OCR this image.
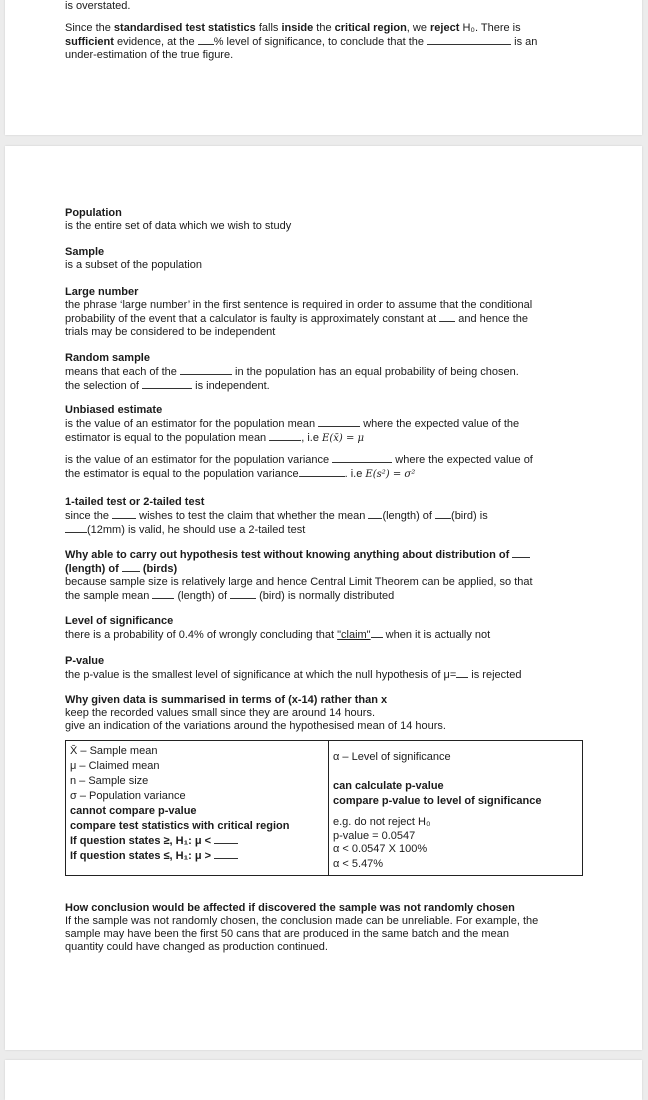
is overstated.
Since the standardised test statistics falls inside the critical region, we reject H₀. There is
sufficient evidence, at the % level of significance, to conclude that the	is an
under-estimation of the true figure.
Population
is the entire set of data which we wish to study
Sample
is a subset of the population
Large number
the phrase ‘large number’ in the first sentence is required in order to assume that the conditional
probability of the event that a calculator is faulty is approximately constant at  and hence the
trials may be considered to be independent
Random sample
means that each of the	in the population has an equal probability of being chosen.
the selection of	is independent.
Unbiased estimate
is the value of an estimator for the population mean	where the expected value of the
estimator is equal to the population mean	, i.e E(x̄) = μ
is the value of an estimator for the population variance	where the expected value of
the estimator is equal to the population variance	. i.e E(s²) = σ²
1-tailed test or 2-tailed test
since the  wishes to test the claim that whether the mean (length) of (bird) is
(12mm) is valid, he should use a 2-tailed test
Why able to carry out hypothesis test without knowing anything about distribution of
(length) of  (birds)
because sample size is relatively large and hence Central Limit Theorem can be applied, so that
the sample mean  (length) of  (bird) is normally distributed
Level of significance
there is a probability of 0.4% of wrongly concluding that "claim" when it is actually not
P-value
the p-value is the smallest level of significance at which the null hypothesis of μ= is rejected
Why given data is summarised in terms of (x-14) rather than x
keep the recorded values small since they are around 14 hours.
give an indication of the variations around the hypothesised mean of 14 hours.
X̄ – Sample mean
μ – Claimed mean
n – Sample size
σ – Population variance
cannot compare p-value
compare test statistics with critical region
If question states ≥, H₁: μ <
If question states ≤, H₁: μ >

α – Level of significance
can calculate p-value
compare p-value to level of significance
e.g. do not reject H₀
p-value = 0.0547
α < 0.0547 X 100%
α < 5.47%
How conclusion would be affected if discovered the sample was not randomly chosen
If the sample was not randomly chosen, the conclusion made can be unreliable. For example, the
sample may have been the first 50 cans that are produced in the same batch and the mean
quantity could have changed as production continued.
